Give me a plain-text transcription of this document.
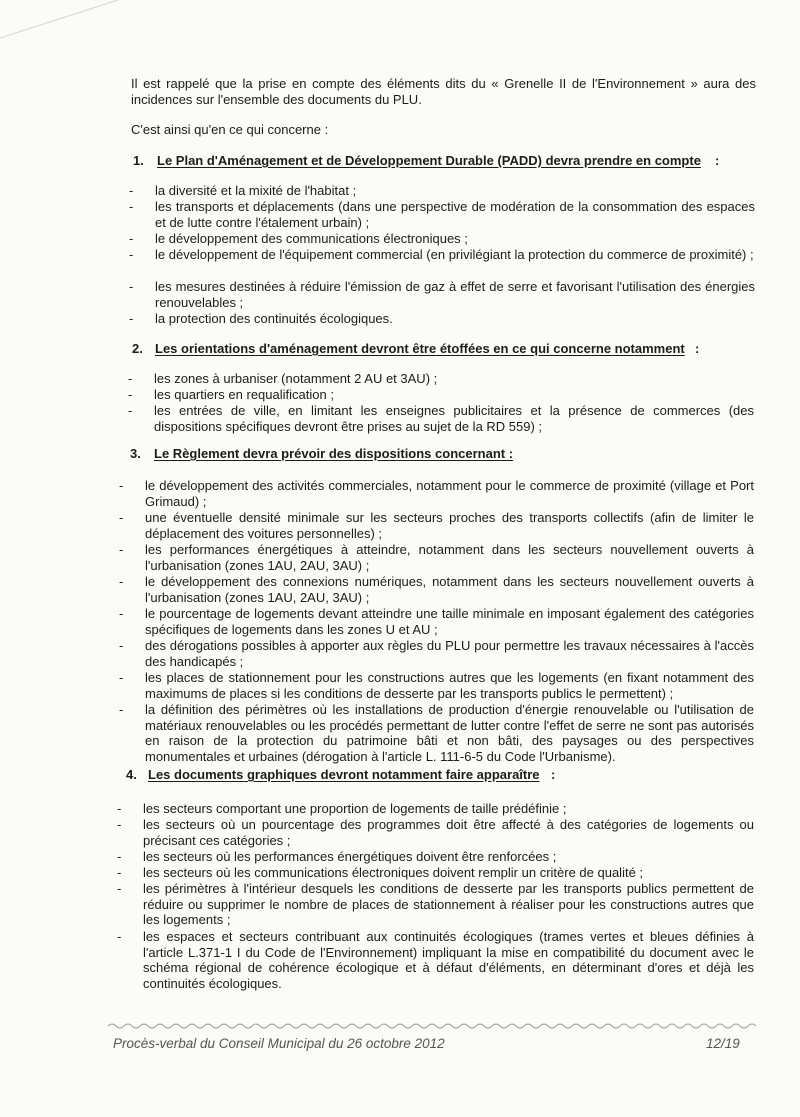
Il est rappelé que la prise en compte des éléments dits du « Grenelle II de l'Environnement » aura des incidences sur l'ensemble des documents du PLU.
C'est ainsi qu'en ce qui concerne :
1. Le Plan d'Aménagement et de Développement Durable (PADD) devra prendre en compte :
- la diversité et la mixité de l'habitat ;
- les transports et déplacements (dans une perspective de modération de la consommation des espaces et de lutte contre l'étalement urbain) ;
- le développement des communications électroniques ;
- le développement de l'équipement commercial (en privilégiant la protection du commerce de proximité) ;
- les mesures destinées à réduire l'émission de gaz à effet de serre et favorisant l'utilisation des énergies renouvelables ;
- la protection des continuités écologiques.
2. Les orientations d'aménagement devront être étoffées en ce qui concerne notamment :
- les zones à urbaniser (notamment 2 AU et 3AU) ;
- les quartiers en requalification ;
- les entrées de ville, en limitant les enseignes publicitaires et la présence de commerces (des dispositions spécifiques devront être prises au sujet de la RD 559) ;
3. Le Règlement devra prévoir des dispositions concernant :
- le développement des activités commerciales, notamment pour le commerce de proximité (village et Port Grimaud) ;
- une éventuelle densité minimale sur les secteurs proches des transports collectifs (afin de limiter le déplacement des voitures personnelles) ;
- les performances énergétiques à atteindre, notamment dans les secteurs nouvellement ouverts à l'urbanisation (zones 1AU, 2AU, 3AU) ;
- le développement des connexions numériques, notamment dans les secteurs nouvellement ouverts à l'urbanisation (zones 1AU, 2AU, 3AU) ;
- le pourcentage de logements devant atteindre une taille minimale en imposant également des catégories spécifiques de logements dans les zones U et AU ;
- des dérogations possibles à apporter aux règles du PLU pour permettre les travaux nécessaires à l'accès des handicapés ;
- les places de stationnement pour les constructions autres que les logements (en fixant notamment des maximums de places si les conditions de desserte par les transports publics le permettent) ;
- la définition des périmètres où les installations de production d'énergie renouvelable ou l'utilisation de matériaux renouvelables ou les procédés permettant de lutter contre l'effet de serre ne sont pas autorisés en raison de la protection du patrimoine bâti et non bâti, des paysages ou des perspectives monumentales et urbaines (dérogation à l'article L. 111-6-5 du Code l'Urbanisme).
4. Les documents graphiques devront notamment faire apparaître :
- les secteurs comportant une proportion de logements de taille prédéfinie ;
- les secteurs où un pourcentage des programmes doit être affecté à des catégories de logements ou précisant ces catégories ;
- les secteurs où les performances énergétiques doivent être renforcées ;
- les secteurs où les communications électroniques doivent remplir un critère de qualité ;
- les périmètres à l'intérieur desquels les conditions de desserte par les transports publics permettent de réduire ou supprimer le nombre de places de stationnement à réaliser pour les constructions autres que les logements ;
- les espaces et secteurs contribuant aux continuités écologiques (trames vertes et bleues définies à l'article L.371-1 I du Code de l'Environnement) impliquant la mise en compatibilité du document avec le schéma régional de cohérence écologique et à défaut d'éléments, en déterminant d'ores et déjà les continuités écologiques.
Procès-verbal du Conseil Municipal du 26 octobre 2012	12/19
